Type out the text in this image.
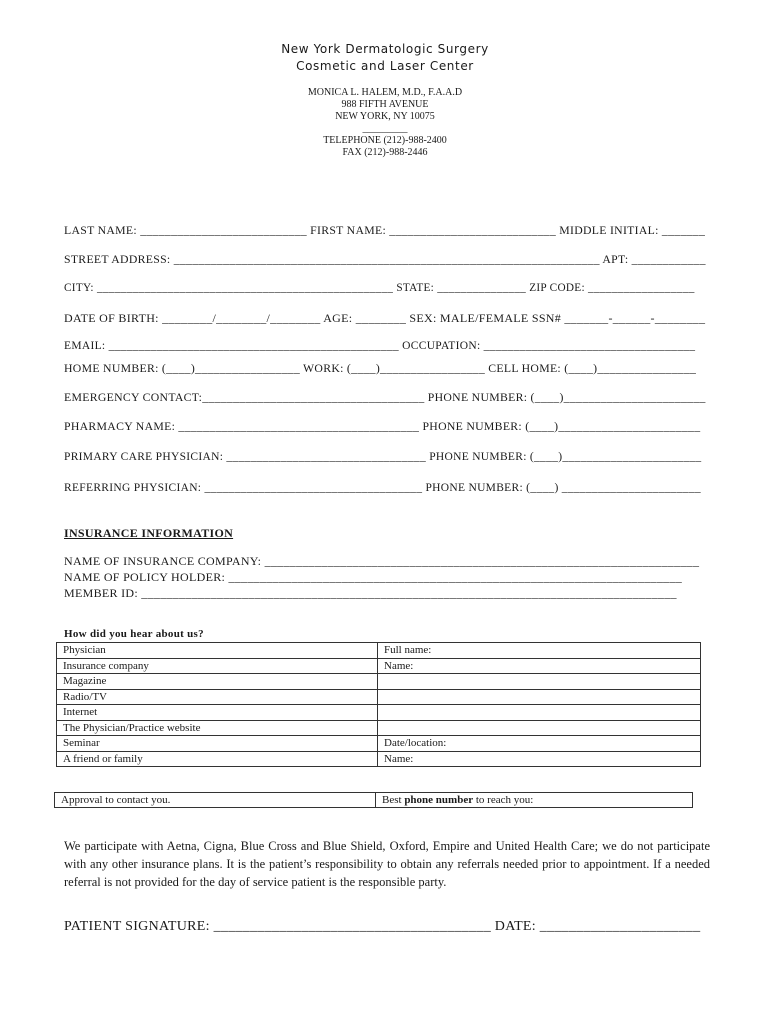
New York Dermatologic Surgery
Cosmetic and Laser Center
MONICA L. HALEM, M.D., F.A.A.D
988 FIFTH AVENUE
NEW YORK, NY 10075
_________
TELEPHONE (212)-988-2400
FAX (212)-988-2446
LAST NAME: ___________________________ FIRST NAME: ___________________________ MIDDLE INITIAL: _______
STREET ADDRESS: _____________________________________________________________________ APT: ____________
CITY: __________________________________________________ STATE: _______________ ZIP CODE: __________________
DATE OF BIRTH: ________/________/________ AGE: ________ SEX: MALE/FEMALE SSN# _______-______-________
EMAIL: ________________________________________________ OCCUPATION: ___________________________________
HOME NUMBER: (____)_________________ WORK: (____)_________________ CELL HOME: (____)________________
EMERGENCY CONTACT:____________________________________ PHONE NUMBER: (____)_______________________
PHARMACY NAME: _______________________________________ PHONE NUMBER: (____)_______________________
PRIMARY CARE PHYSICIAN: _________________________________ PHONE NUMBER: (____)_______________________
REFERRING PHYSICIAN: ____________________________________ PHONE NUMBER: (____) _______________________
INSURANCE INFORMATION
NAME OF INSURANCE COMPANY: _____________________________________________________________________
NAME OF POLICY HOLDER: ________________________________________________________________________
MEMBER ID: _____________________________________________________________________________________
How did you hear about us?
Physician	Full name:
Insurance company	Name:
Magazine	
Radio/TV	
Internet	
The Physician/Practice website	
Seminar	Date/location:
A friend or family	Name:
Approval to contact you.	Best phone number to reach you:
We participate with Aetna, Cigna, Blue Cross and Blue Shield, Oxford, Empire and United Health Care; we do not participate with any other insurance plans. It is the patient’s responsibility to obtain any referrals needed prior to appointment. If a needed referral is not provided for the day of service patient is the responsible party.
PATIENT SIGNATURE: ______________________________________ DATE: ______________________
